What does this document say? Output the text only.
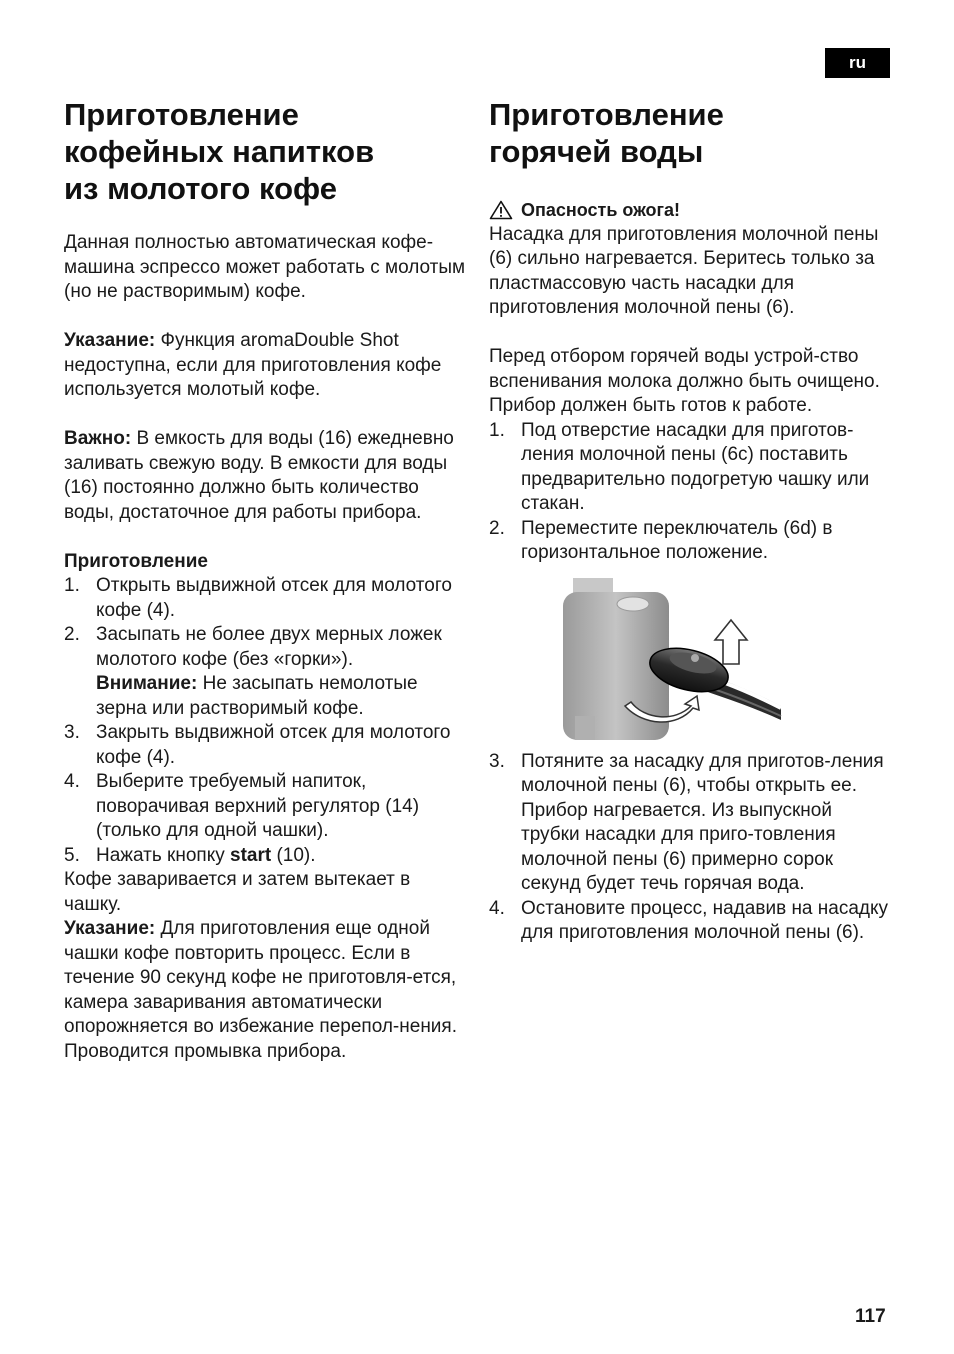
ru
Приготовление
кофейных напитков
из молотого кофе

Данная полностью автоматическая кофе-машина эспрессо может работать с молотым (но не растворимым) кофе.

Указание: Функция aromaDouble Shot недоступна, если для приготовления кофе используется молотый кофе.

Важно: В емкость для воды (16) ежедневно заливать свежую воду. В емкости для воды (16) постоянно должно быть количество воды, достаточное для работы прибора.

Приготовление

1. Открыть выдвижной отсек для молотого кофе (4).
2. Засыпать не более двух мерных ложек молотого кофе (без «горки»).
Внимание: Не засыпать немолотые зерна или растворимый кофе.
3. Закрыть выдвижной отсек для молотого кофе (4).
4. Выберите требуемый напиток, поворачивая верхний регулятор (14) (только для одной чашки).
5. Нажать кнопку start (10).

Кофе заваривается и затем вытекает в чашку.

Указание: Для приготовления еще одной чашки кофе повторить процесс. Если в течение 90 секунд кофе не приготовля-ется, камера заваривания автоматически опорожняется во избежание перепол-нения. Проводится промывка прибора.

Приготовление
горячей воды
Опасность ожога!

Насадка для приготовления молочной пены (6) сильно нагревается. Беритесь только за пластмассовую часть насадки для приготовления молочной пены (6).

Перед отбором горячей воды устрой-ство вспенивания молока должно быть очищено.

Прибор должен быть готов к работе.

1. Под отверстие насадки для приготов-ления молочной пены (6c) поставить предварительно подогретую чашку или стакан.
2. Переместите переключатель (6d) в горизонтальное положение.
3. Потяните за насадку для приготов-ления молочной пены (6), чтобы открыть ее. Прибор нагревается. Из выпускной трубки насадки для приго-товления молочной пены (6) примерно сорок секунд будет течь горячая вода.
4. Остановите процесс, надавив на насадку для приготовления молочной пены (6).
117
